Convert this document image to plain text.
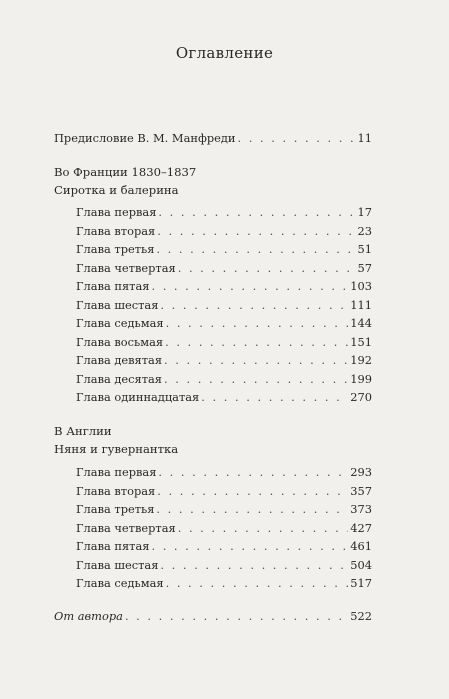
Оглавление
Предисловие В. М. Манфреди . . .	11
Во Франции 1830–1837
Сиротка и балерина
Глава первая . . .	17
Глава вторая . . .	23
Глава третья . . .	51
Глава четвертая . . .	57
Глава пятая . . .	103
Глава шестая . . .	111
Глава седьмая . . .	144
Глава восьмая . . .	151
Глава девятая . . .	192
Глава десятая . . .	199
Глава одиннадцатая . . .	270
В Англии
Няня и гувернантка
Глава первая . . .	293
Глава вторая . . .	357
Глава третья . . .	373
Глава четвертая . . .	427
Глава пятая . . .	461
Глава шестая . . .	504
Глава седьмая . . .	517
От автора . . .	522
